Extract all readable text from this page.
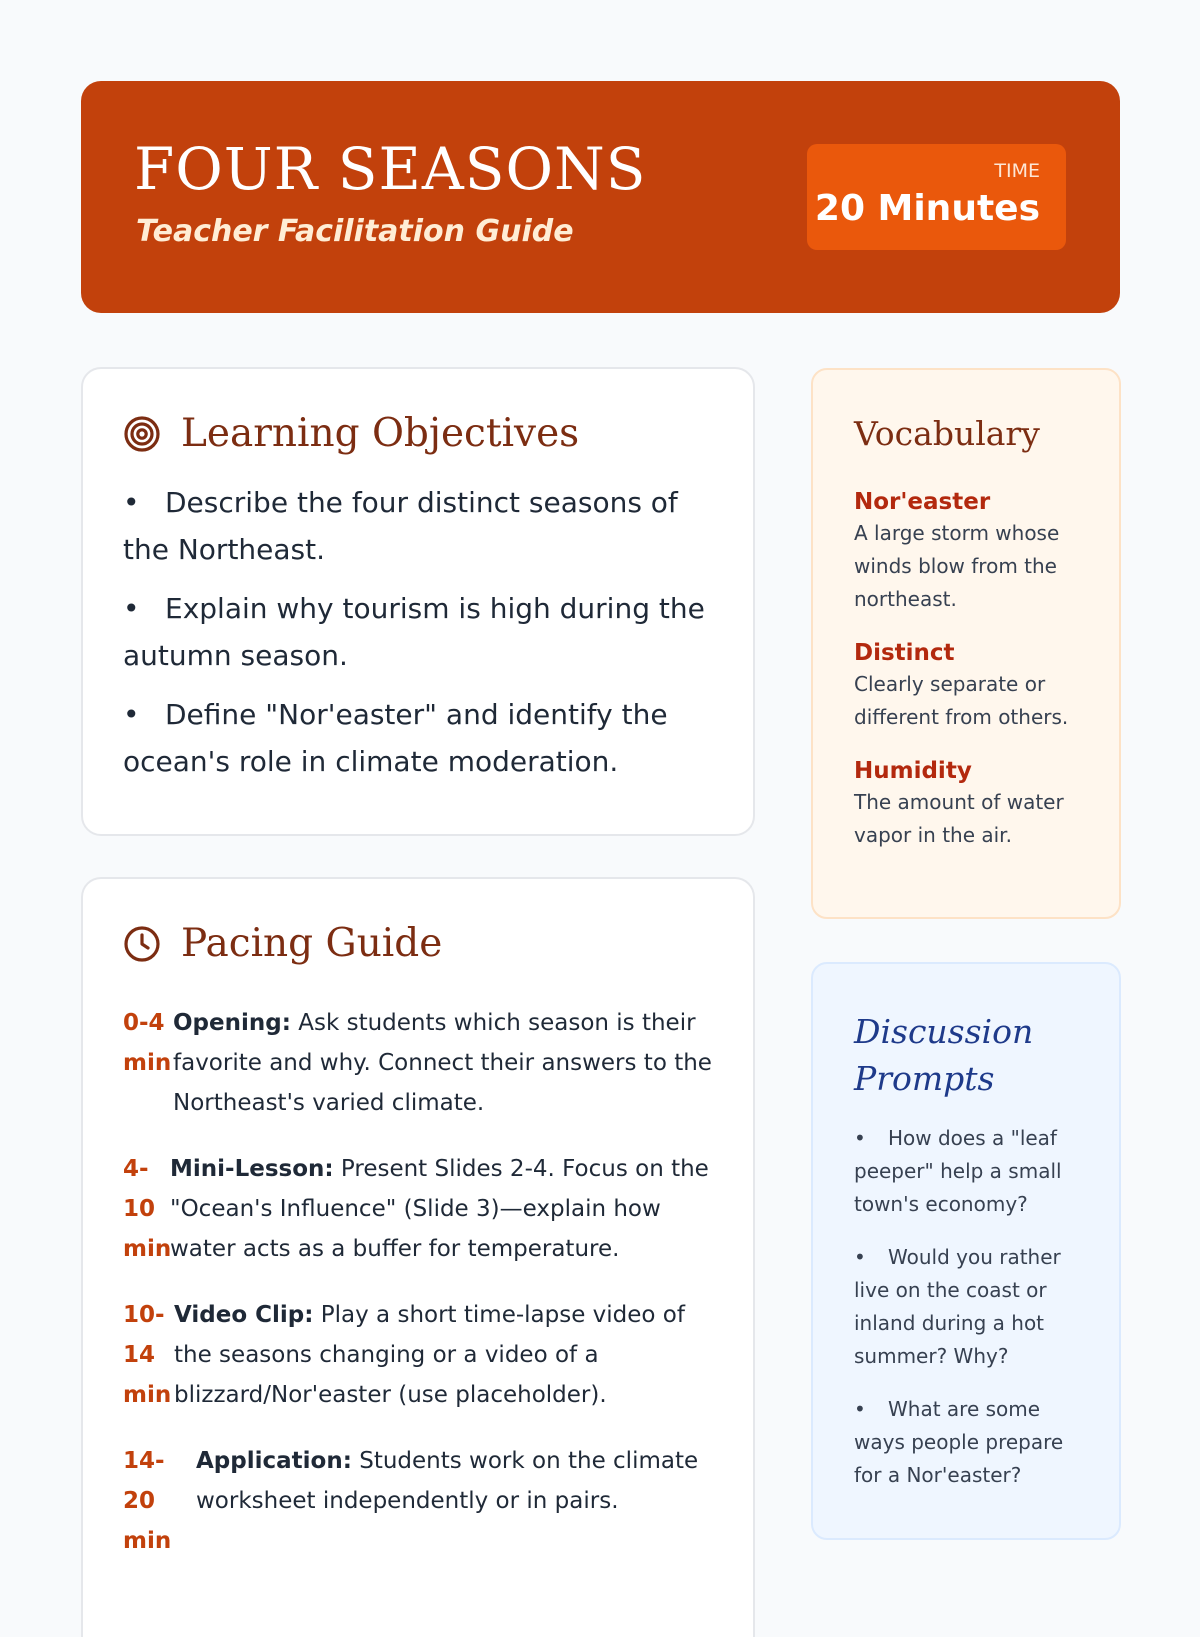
FOUR SEASONS
Teacher Facilitation Guide
TIME
20 Minutes
Learning Objectives
• Describe the four distinct seasons of the Northeast.
• Explain why tourism is high during the autumn season.
• Define "Nor'easter" and identify the ocean's role in climate moderation.
Pacing Guide
0-4 min
Opening: Ask students which season is their favorite and why. Connect their answers to the Northeast's varied climate.
4-10 min
Mini-Lesson: Present Slides 2-4. Focus on the "Ocean's Influence" (Slide 3)—explain how water acts as a buffer for temperature.
10-14 min
Video Clip: Play a short time-lapse video of the seasons changing or a video of a blizzard/Nor'easter (use placeholder).
14-20 min
Application: Students work on the climate worksheet independently or in pairs.
Vocabulary
Nor'easter
A large storm whose winds blow from the northeast.
Distinct
Clearly separate or different from others.
Humidity
The amount of water vapor in the air.
Discussion Prompts
• How does a "leaf peeper" help a small town's economy?
• Would you rather live on the coast or inland during a hot summer? Why?
• What are some ways people prepare for a Nor'easter?
